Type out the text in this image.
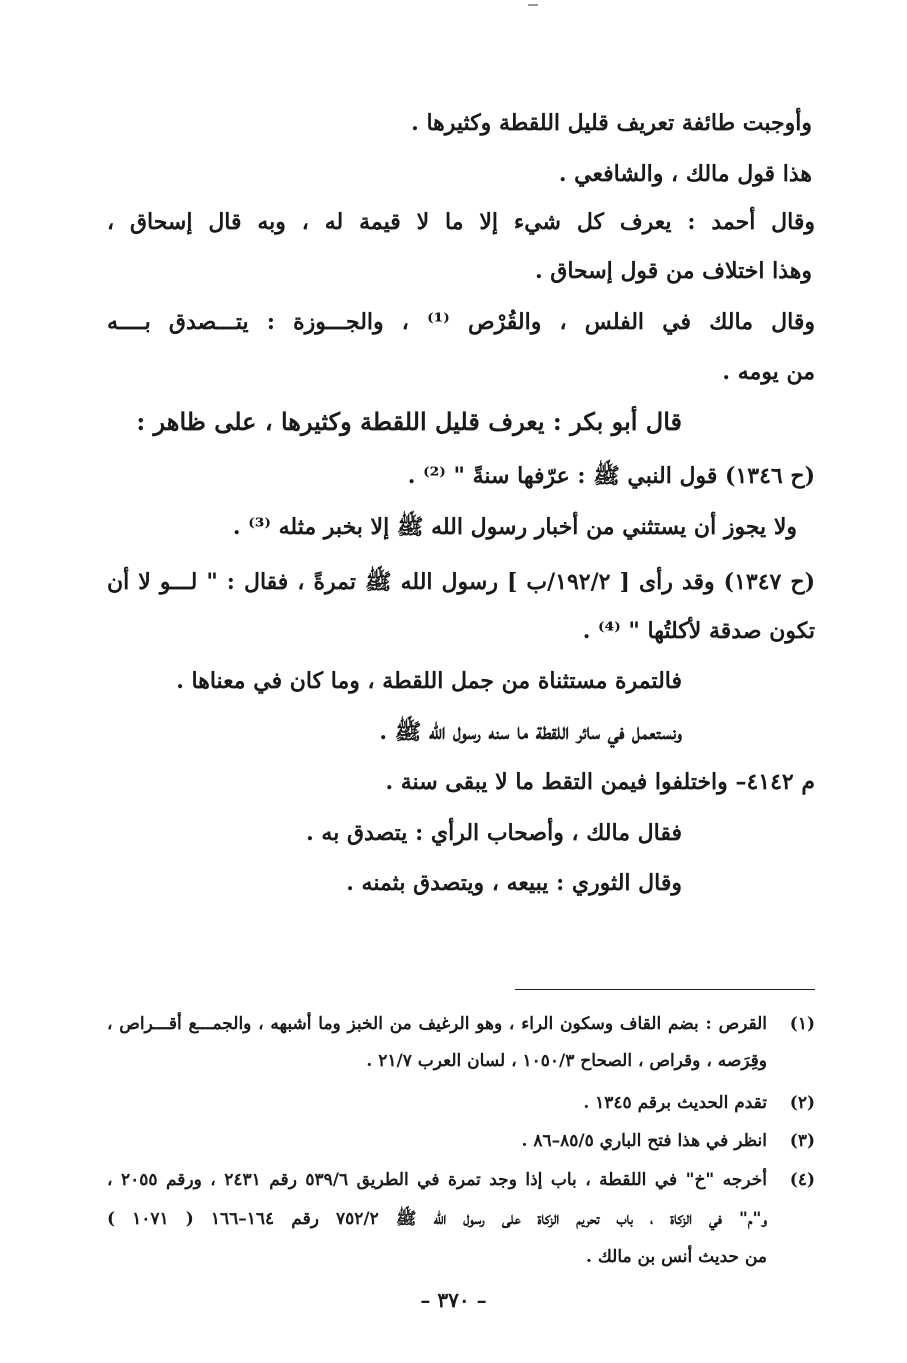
وأوجبت طائفة تعريف قليل اللقطة وكثيرها .
هذا قول مالك ، والشافعي .
وقال أحمد : يعرف كل شيء إلا ما لا قيمة له ، وبه قال إسحاق ،
وهذا اختلاف من قول إسحاق .
وقال مالك في الفلس ، والقُرْص ⁽¹⁾ ، والجـــوزة : يتـــصدق بــــه
من يومه .
قال أبو بكر : يعرف قليل اللقطة وكثيرها ، على ظاهر :
(ح ١٣٤٦) قول النبي ﷺ : عرّفها سنةً " ⁽²⁾ .
ولا يجوز أن يستثني من أخبار رسول الله ﷺ إلا بخبر مثله ⁽³⁾ .
(ح ١٣٤٧) وقد رأى [ ١٩٢/٢/ب ] رسول الله ﷺ تمرةً ، فقال : " لـــو لا أن
تكون صدقة لأكلتُها " ⁽⁴⁾ .
فالتمرة مستثناة من جمل اللقطة ، وما كان في معناها .
ونستعمل في سائر اللقطة ما سنه رسول الله ﷺ .
م ٤١٤٢– واختلفوا فيمن التقط ما لا يبقى سنة .
فقال مالك ، وأصحاب الرأي : يتصدق به .
وقال الثوري : يبيعه ، ويتصدق بثمنه .
(١)
القرص : بضم القاف وسكون الراء ، وهو الرغيف من الخبز وما أشبهه ، والجمـــع أقـــراص ،
وقِرَصه ، وقراص ، الصحاح ١٠٥٠/٣ ، لسان العرب ٢١/٧ .
(٢)
تقدم الحديث برقم ١٣٤٥ .
(٣)
انظر في هذا فتح الباري ٨٥/٥–٨٦ .
(٤)
أخرجه "خ" في اللقطة ، باب إذا وجد تمرة في الطريق ٥٣٩/٦ رقم ٢٤٣١ ، ورقم ٢٠٥٥ ،
و"م" في الزكاة ، باب تحريم الزكاة على رسول الله ﷺ ٧٥٢/٢ رقم ١٦٤–١٦٦ ( ١٠٧١ )
من حديث أنس بن مالك .
– ٣٧٠ –
